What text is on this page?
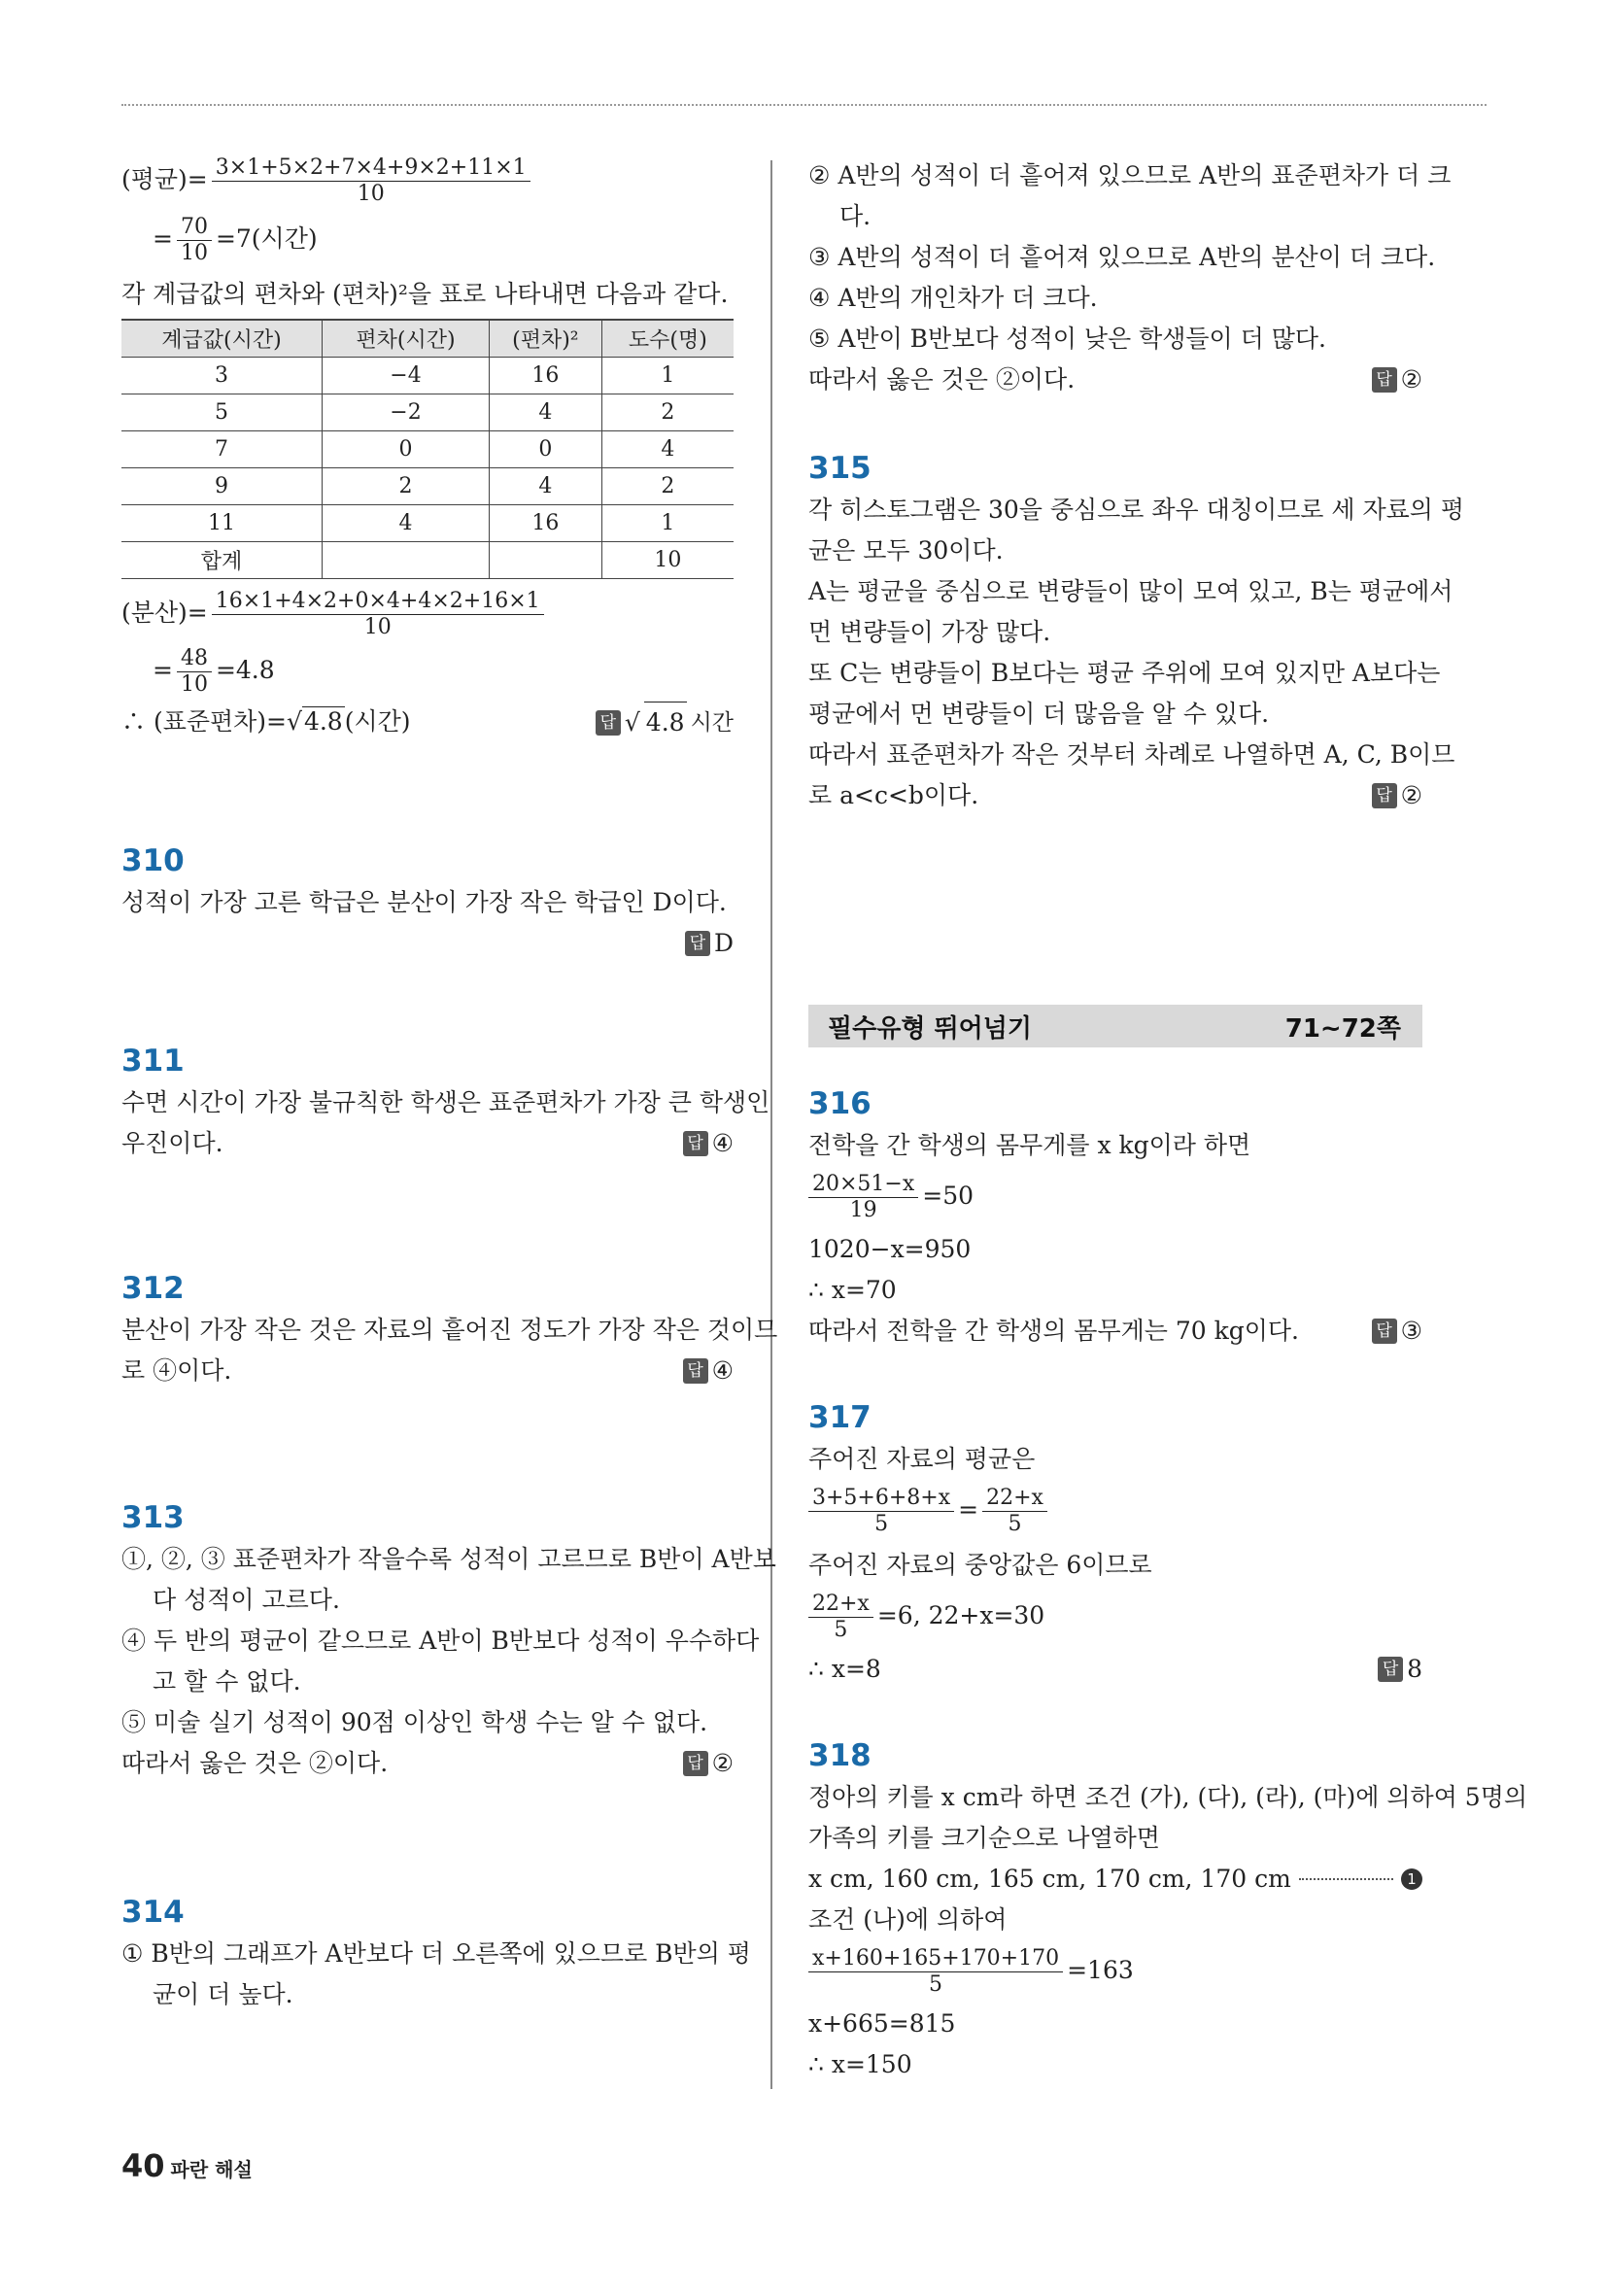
(평균)= $\frac{3\times 1+5\times 2+7\times 4+9\times 2+11\times 1}{10}$
= $\frac{70}{10} =7$(시간)
각 계급값의 편차와 (편차)²을 표로 나타내면 다음과 같다.
계급값(시간)	편차(시간)	(편차)²	도수(명)
3	−4	16	1
5	−2	4	2
7	0	0	4
9	2	4	2
11	4	16	1
합계			10
(분산)= $\frac{16\times 1+4\times 2+0\times 4+4\times 2+16\times 1}{10}$
= $\frac{48}{10} =4.8$
∴ (표준편차)=√4.8(시간)	답 √ 4.8 시간
310
성적이 가장 고른 학급은 분산이 가장 작은 학급인 D이다.
답 D
311
수면 시간이 가장 불규칙한 학생은 표준편차가 가장 큰 학생인
우진이다.	답 ④
312
분산이 가장 작은 것은 자료의 흩어진 정도가 가장 작은 것이므
로 ④이다.	답 ④
313
①, ②, ③ 표준편차가 작을수록 성적이 고르므로 B반이 A반보
다 성적이 고르다.
④ 두 반의 평균이 같으므로 A반이 B반보다 성적이 우수하다
고 할 수 없다.
⑤ 미술 실기 성적이 90점 이상인 학생 수는 알 수 없다.
따라서 옳은 것은 ②이다.	답 ②
314
① B반의 그래프가 A반보다 더 오른쪽에 있으므로 B반의 평
균이 더 높다.
② A반의 성적이 더 흩어져 있으므로 A반의 표준편차가 더 크
다.
③ A반의 성적이 더 흩어져 있으므로 A반의 분산이 더 크다.
④ A반의 개인차가 더 크다.
⑤ A반이 B반보다 성적이 낮은 학생들이 더 많다.
따라서 옳은 것은 ②이다.	답 ②
315
각 히스토그램은 30을 중심으로 좌우 대칭이므로 세 자료의 평
균은 모두 30이다.
A는 평균을 중심으로 변량들이 많이 모여 있고, B는 평균에서
먼 변량들이 가장 많다.
또 C는 변량들이 B보다는 평균 주위에 모여 있지만 A보다는
평균에서 먼 변량들이 더 많음을 알 수 있다.
따라서 표준편차가 작은 것부터 차례로 나열하면 A, C, B이므
로 a<c<b이다.	답 ②
필수유형 뛰어넘기	71~72쪽
316
전학을 간 학생의 몸무게를 x kg이라 하면
$\frac{20\times 51-x}{19} =50$
1020−x=950
∴ x=70
따라서 전학을 간 학생의 몸무게는 70 kg이다.	답 ③
317
주어진 자료의 평균은
$\frac{3+5+6+8+x}{5} = \frac{22+x}{5}$
주어진 자료의 중앙값은 6이므로
$\frac{22+x}{5} =6$, 22+x=30
∴ x=8	답 8
318
정아의 키를 x cm라 하면 조건 (가), (다), (라), (마)에 의하여 5명의
가족의 키를 크기순으로 나열하면
x cm, 160 cm, 165 cm, 170 cm, 170 cm	1
조건 (나)에 의하여
$\frac{x+160+165+170+170}{5} =163$
x+665=815
∴ x=150
40 파란 해설
